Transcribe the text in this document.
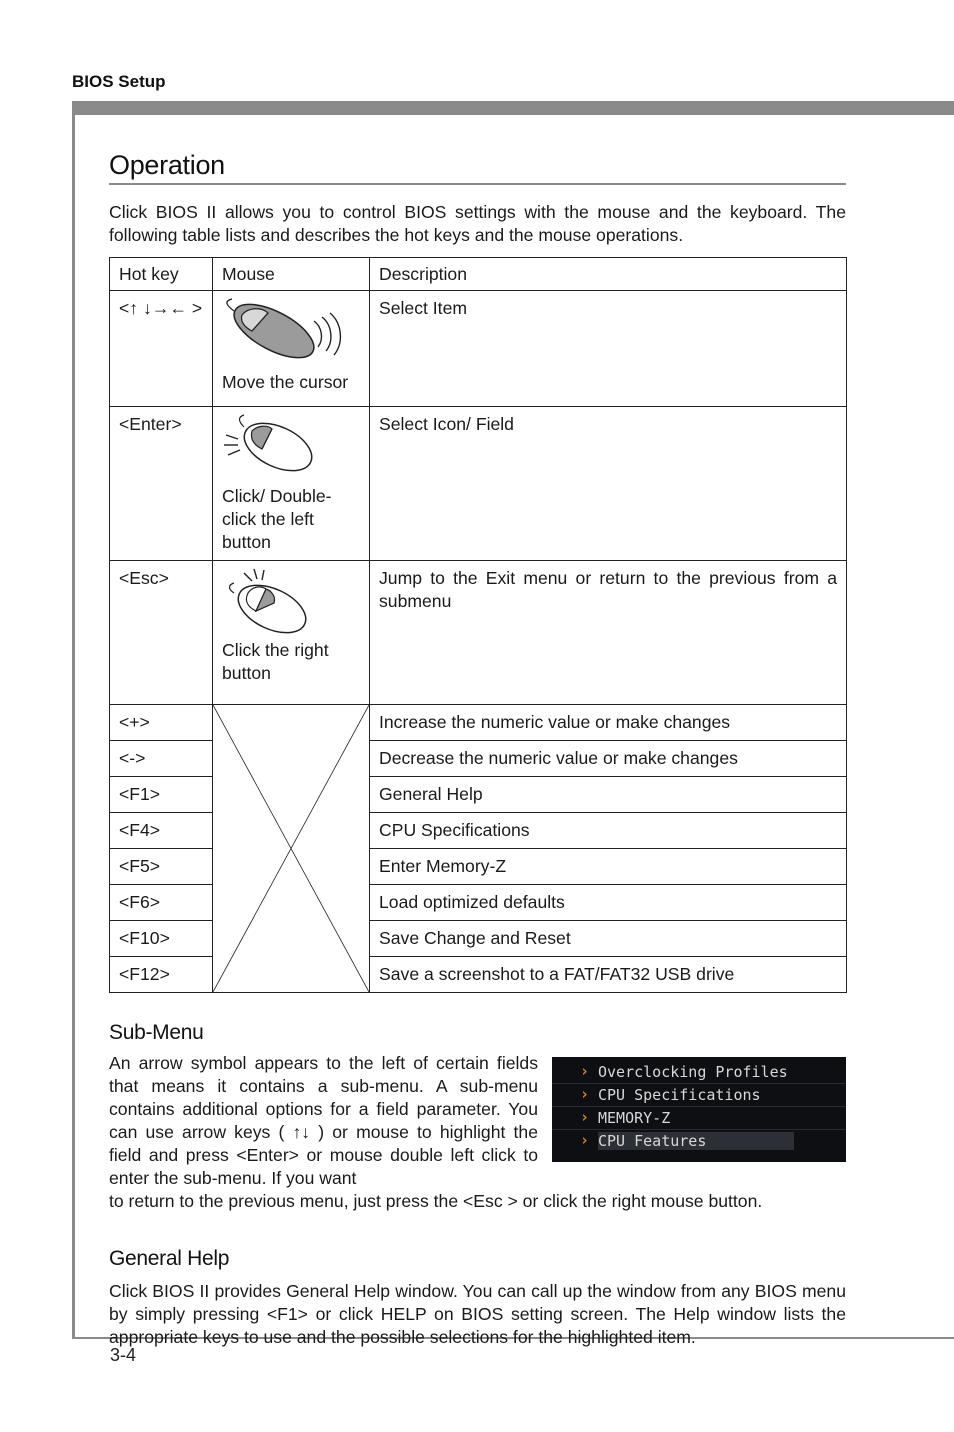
BIOS Setup
3-4
Operation

Click BIOS II allows you to control BIOS settings with the mouse and the keyboard. The following table lists and describes the hot keys and the mouse operations.

Hot key	Mouse	Description
<↑ ↓→← >	Move the cursor	Select Item
<Enter>	Click/ Double-click the left button	Select Icon/ Field
<Esc>	Click the right button	Jump to the Exit menu or return to the previous from a submenu
<+>		Increase the numeric value or make changes
<->		Decrease the numeric value or make changes
<F1>		General Help
<F4>		CPU Specifications
<F5>		Enter Memory-Z
<F6>		Load optimized defaults
<F10>		Save Change and Reset
<F12>		Save a screenshot to a FAT/FAT32 USB drive
Sub-Menu

An arrow symbol appears to the left of certain fields that means it contains a sub-menu. A sub-menu contains additional options for a field parameter. You can use arrow keys ( ↑↓ ) or mouse to highlight the field and press <Enter> or mouse double left click to enter the sub-menu. If you want

to return to the previous menu, just press the <Esc > or click the right mouse button.

› Overclocking Profiles
› CPU Specifications
› MEMORY-Z
› CPU Features
General Help

Click BIOS II provides General Help window. You can call up the window from any BIOS menu by simply pressing <F1> or click HELP on BIOS setting screen. The Help window lists the appropriate keys to use and the possible selections for the highlighted item.
